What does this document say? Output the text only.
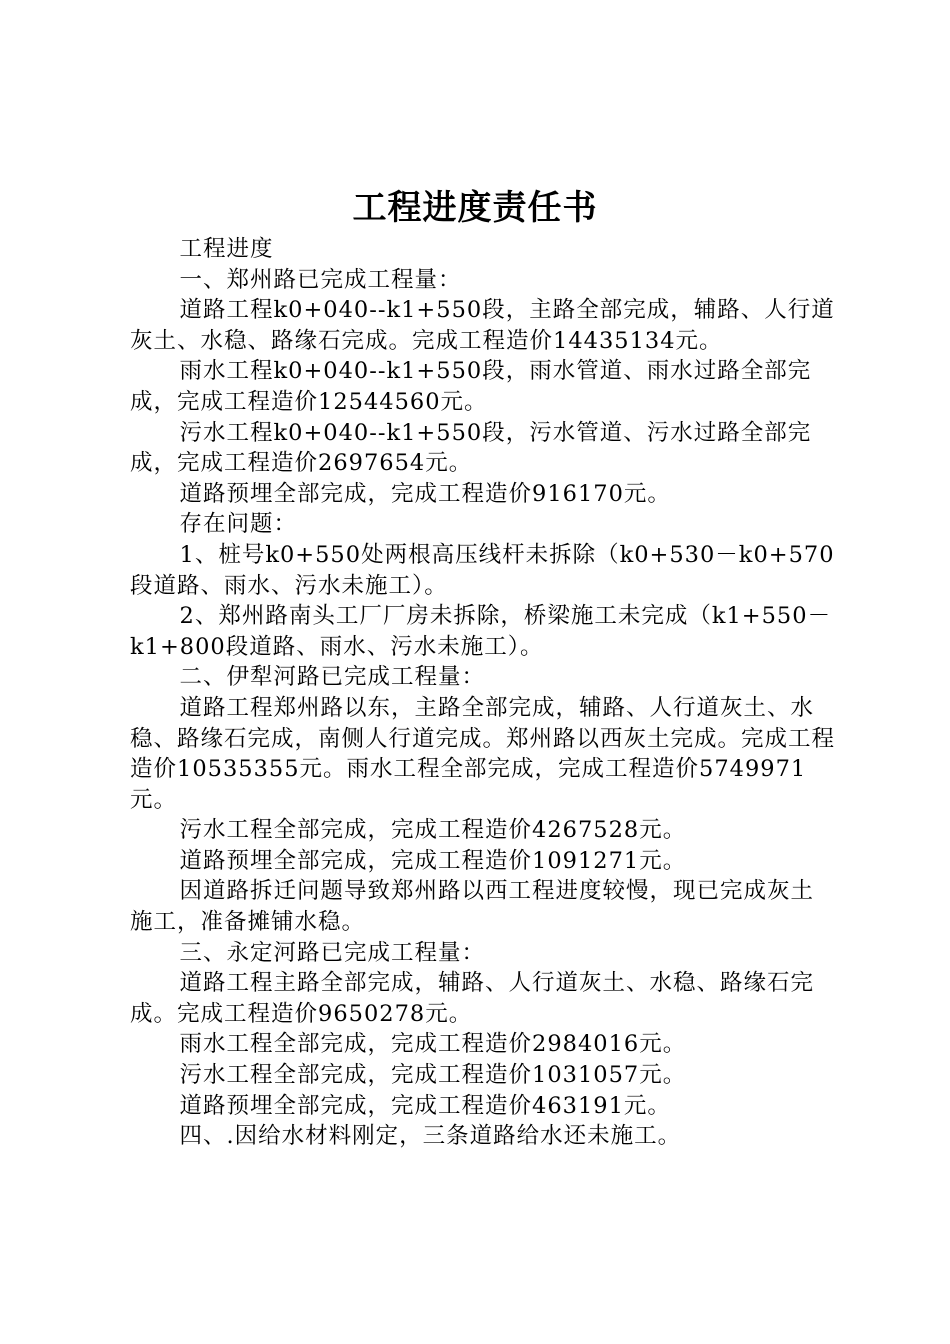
工程进度责任书

工程进度

一、郑州路已完成工程量：

道路工程k0+040--k1+550段，主路全部完成，辅路、人行道灰土、水稳、路缘石完成。完成工程造价14435134元。

雨水工程k0+040--k1+550段，雨水管道、雨水过路全部完成，完成工程造价12544560元。

污水工程k0+040--k1+550段，污水管道、污水过路全部完成，完成工程造价2697654元。

道路预埋全部完成，完成工程造价916170元。

存在问题：

1、桩号k0+550处两根高压线杆未拆除（k0+530－k0+570段道路、雨水、污水未施工）。

2、郑州路南头工厂厂房未拆除，桥梁施工未完成（k1+550－k1+800段道路、雨水、污水未施工）。

二、伊犁河路已完成工程量：

道路工程郑州路以东，主路全部完成，辅路、人行道灰土、水稳、路缘石完成，南侧人行道完成。郑州路以西灰土完成。完成工程造价10535355元。雨水工程全部完成，完成工程造价5749971元。

污水工程全部完成，完成工程造价4267528元。

道路预埋全部完成，完成工程造价1091271元。

因道路拆迁问题导致郑州路以西工程进度较慢，现已完成灰土施工，准备摊铺水稳。

三、永定河路已完成工程量：

道路工程主路全部完成，辅路、人行道灰土、水稳、路缘石完成。完成工程造价9650278元。

雨水工程全部完成，完成工程造价2984016元。

污水工程全部完成，完成工程造价1031057元。

道路预埋全部完成，完成工程造价463191元。

四、.因给水材料刚定，三条道路给水还未施工。
